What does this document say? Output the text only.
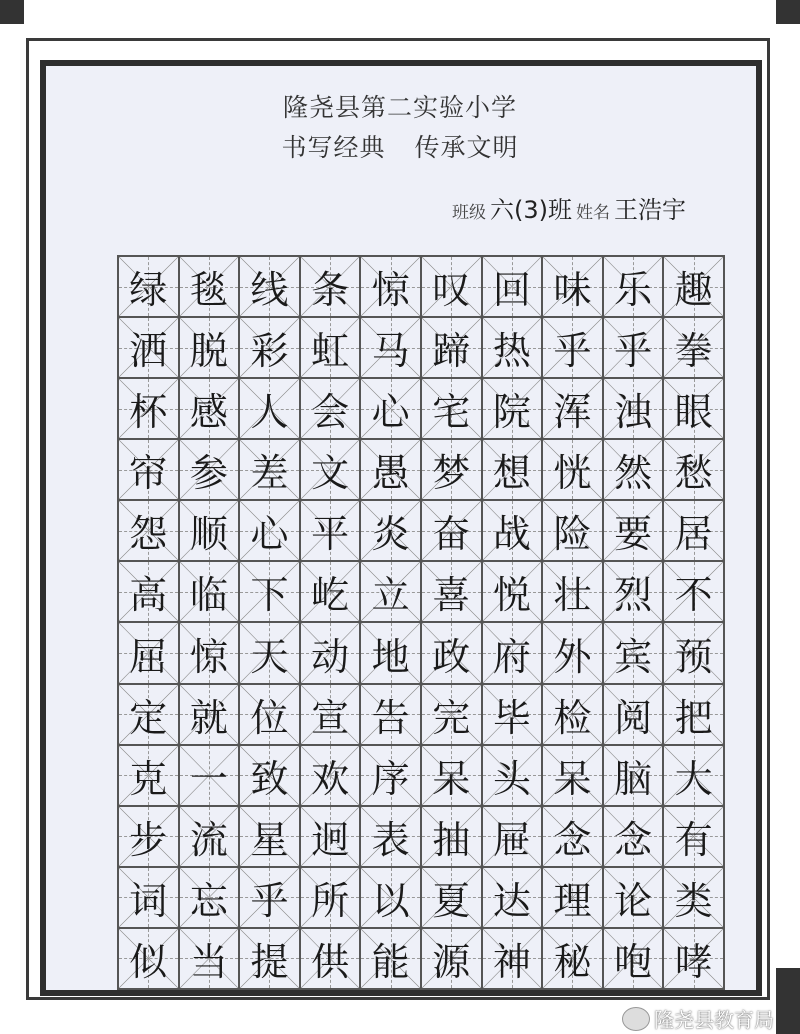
隆尧县第二实验小学
书写经典 传承文明
班级 六(3)班 姓名 王浩宇
绿 毯 线 条 惊 叹 回 味 乐 趣
洒 脱 彩 虹 马 蹄 热 乎 乎 拳
杯 感 人 会 心 宅 院 浑 浊 眼
帘 参 差 文 愚 梦 想 恍 然 愁
怨 顺 心 平 炎 奋 战 险 要 居
高 临 下 屹 立 喜 悦 壮 烈 不
屈 惊 天 动 地 政 府 外 宾 预
定 就 位 宣 告 完 毕 检 阅 把
克 一 致 欢 序 呆 头 呆 脑 大
步 流 星 迥 表 抽 屉 念 念 有
词 忘 乎 所 以 夏 达 理 论 类
似 当 提 供 能 源 神 秘 咆 哮
隆尧县教育局
